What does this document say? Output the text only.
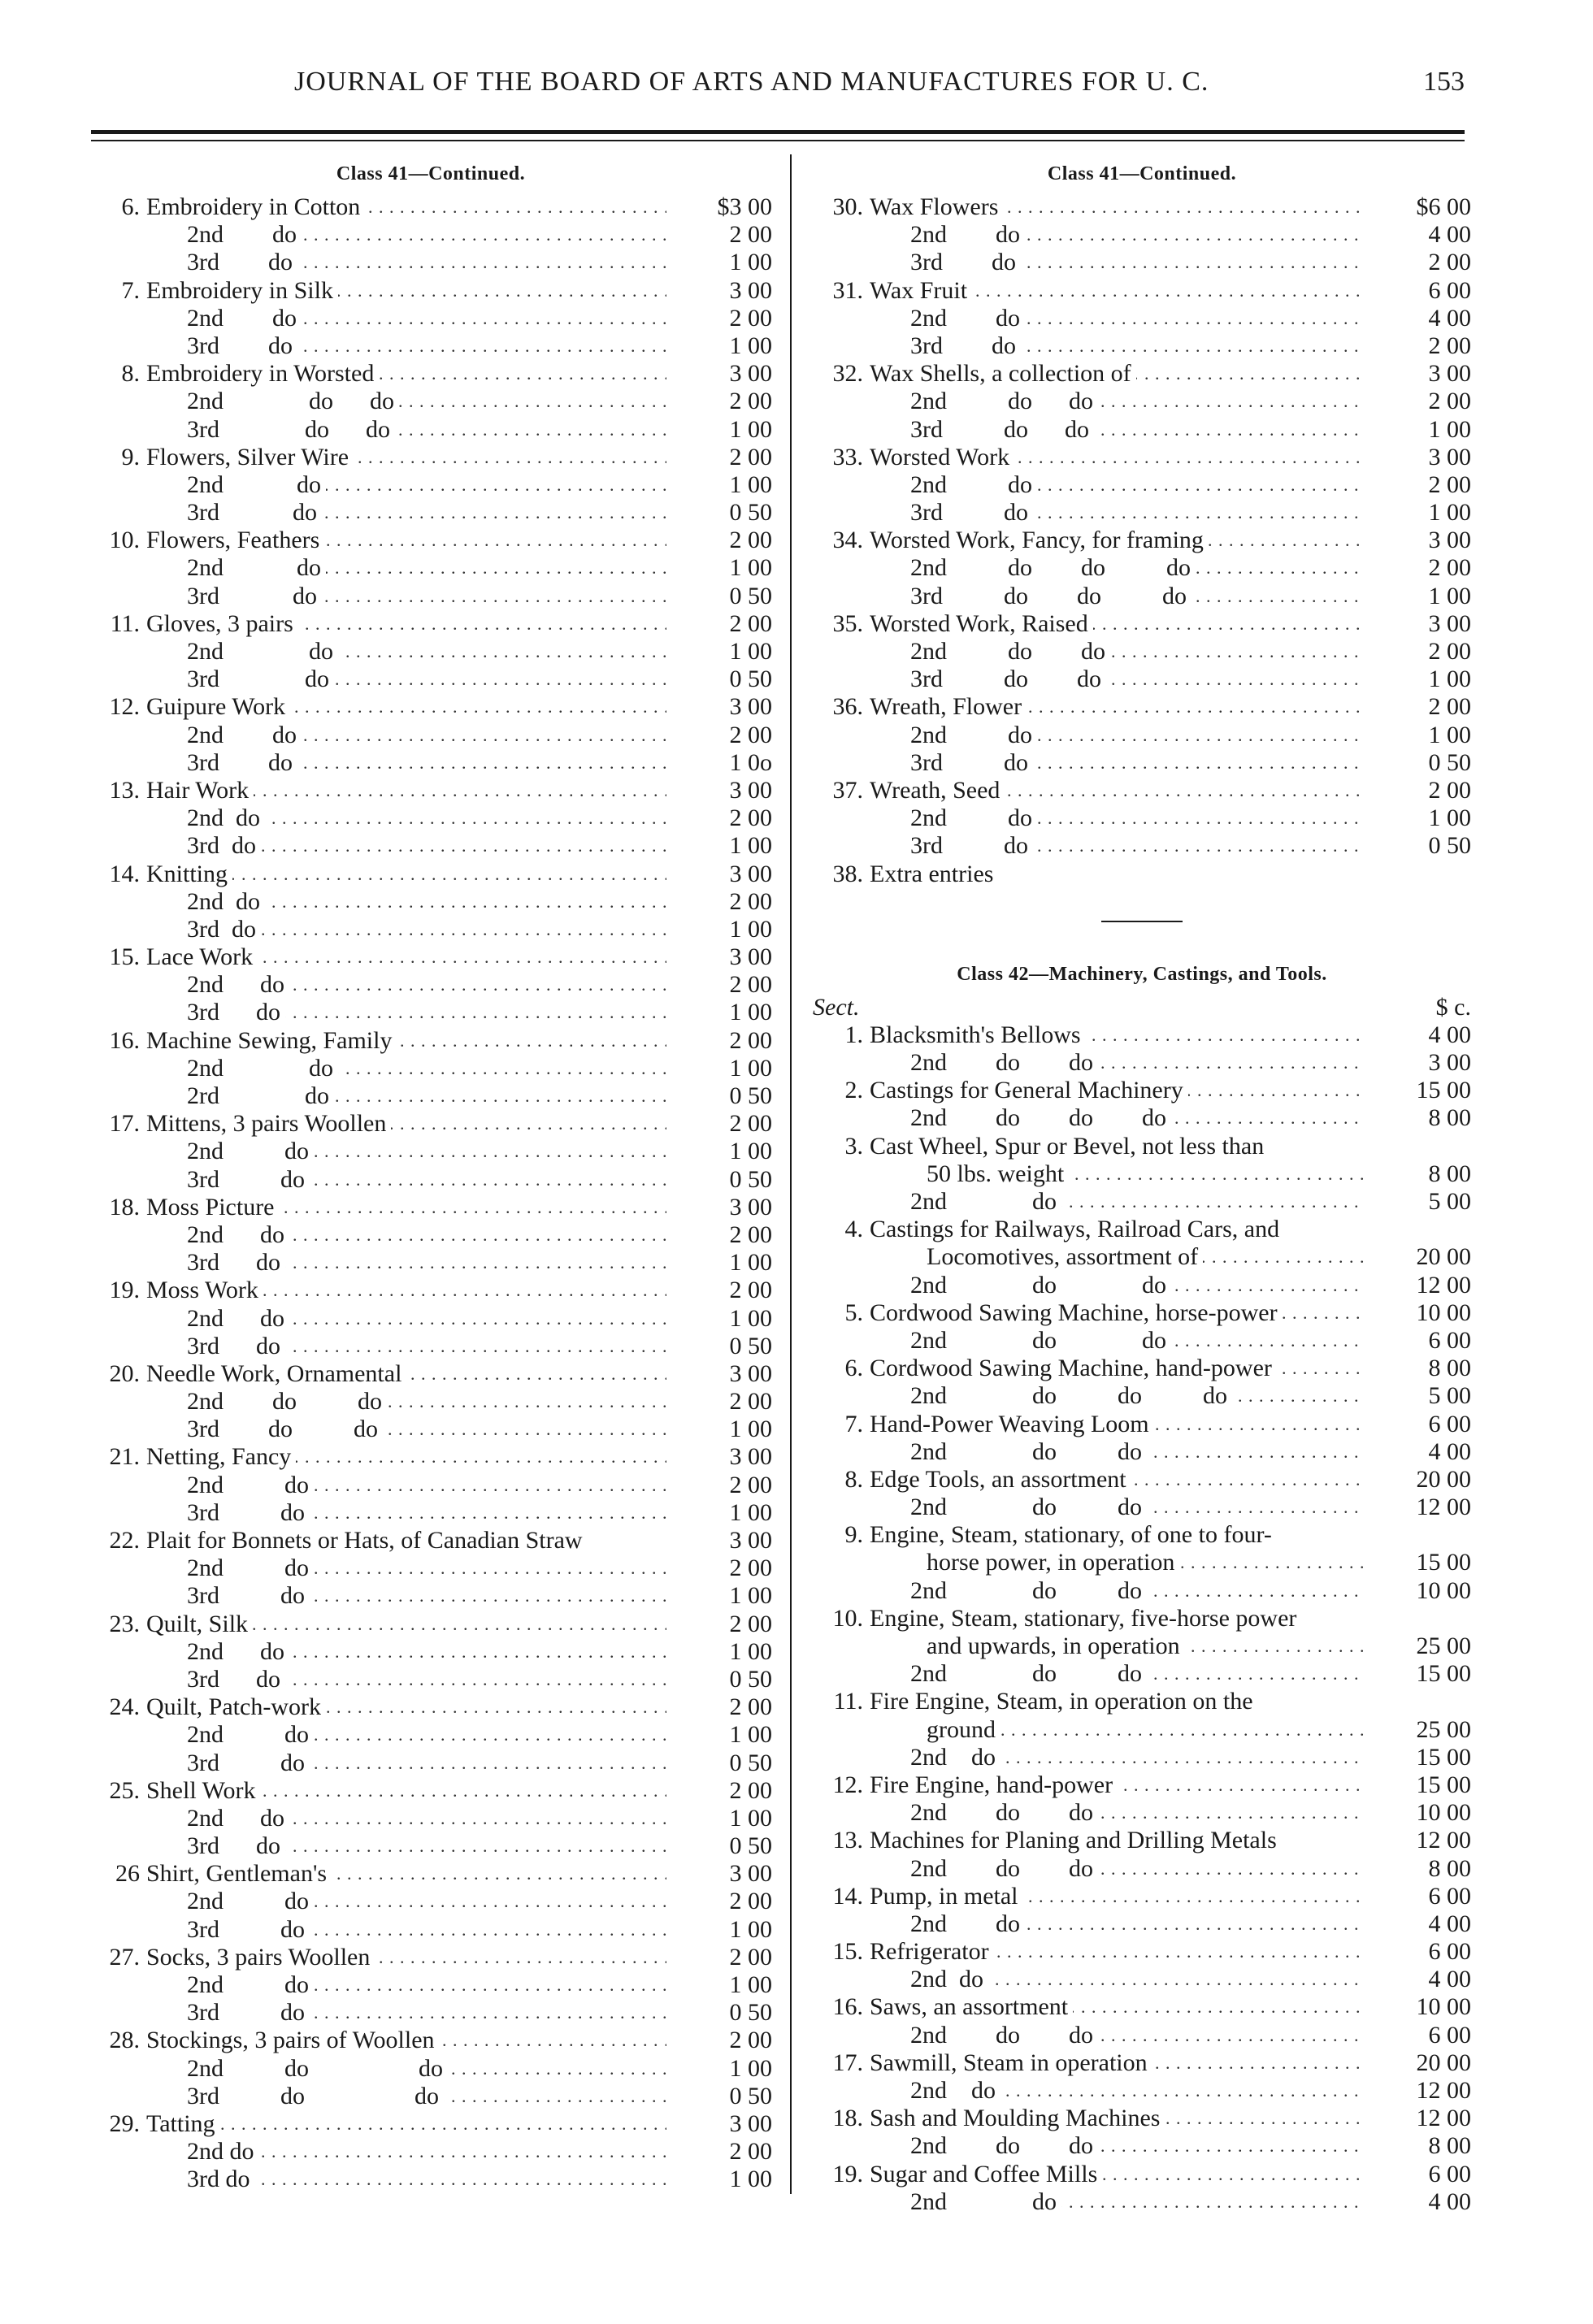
JOURNAL OF THE BOARD OF ARTS AND MANUFACTURES FOR U. C.	153
Class 41—Continued.
6. Embroidery in Cotton . . .	$3 00
2nd        do . . .	2 00
3rd        do . . .	1 00
7. Embroidery in Silk . . .	3 00
2nd        do . . .	2 00
3rd        do . . .	1 00
8. Embroidery in Worsted . . .	3 00
2nd              do      do . . .	2 00
3rd              do      do . . .	1 00
9. Flowers, Silver Wire . . .	2 00
2nd            do . . .	1 00
3rd            do . . .	0 50
10. Flowers, Feathers . . .	2 00
2nd            do . . .	1 00
3rd            do . . .	0 50
11. Gloves, 3 pairs . . .	2 00
2nd              do . . .	1 00
3rd              do . . .	0 50
12. Guipure Work . . .	3 00
2nd        do . . .	2 00
3rd        do . . .	1 0o
13. Hair Work . . .	3 00
2nd  do . . .	2 00
3rd  do . . .	1 00
14. Knitting . . .	3 00
2nd  do . . .	2 00
3rd  do . . .	1 00
15. Lace Work . . .	3 00
2nd      do . . .	2 00
3rd      do . . .	1 00
16. Machine Sewing, Family . . .	2 00
2nd              do . . .	1 00
2rd              do . . .	0 50
17. Mittens, 3 pairs Woollen . . .	2 00
2nd          do . . .	1 00
3rd          do . . .	0 50
18. Moss Picture . . .	3 00
2nd      do . . .	2 00
3rd      do . . .	1 00
19. Moss Work . . .	2 00
2nd      do . . .	1 00
3rd      do . . .	0 50
20. Needle Work, Ornamental . . .	3 00
2nd        do          do . . .	2 00
3rd        do          do . . .	1 00
21. Netting, Fancy . . .	3 00
2nd          do . . .	2 00
3rd          do . . .	1 00
22. Plait for Bonnets or Hats, of Canadian Straw	3 00
2nd          do . . .	2 00
3rd          do . . .	1 00
23. Quilt, Silk . . .	2 00
2nd      do . . .	1 00
3rd      do . . .	0 50
24. Quilt, Patch-work . . .	2 00
2nd          do . . .	1 00
3rd          do . . .	0 50
25. Shell Work . . .	2 00
2nd      do . . .	1 00
3rd      do . . .	0 50
26 Shirt, Gentleman's . . .	3 00
2nd          do . . .	2 00
3rd          do . . .	1 00
27. Socks, 3 pairs Woollen . . .	2 00
2nd          do . . .	1 00
3rd          do . . .	0 50
28. Stockings, 3 pairs of Woollen . . .	2 00
2nd          do                  do . . .	1 00
3rd          do                  do . . .	0 50
29. Tatting . . .	3 00
2nd do . . .	2 00
3rd do . . .	1 00
Class 41—Continued.
30. Wax Flowers . . .	$6 00
2nd        do . . .	4 00
3rd        do . . .	2 00
31. Wax Fruit . . .	6 00
2nd        do . . .	4 00
3rd        do . . .	2 00
32. Wax Shells, a collection of . . .	3 00
2nd          do      do . . .	2 00
3rd          do      do . . .	1 00
33. Worsted Work . . .	3 00
2nd          do . . .	2 00
3rd          do . . .	1 00
34. Worsted Work, Fancy, for framing . . .	3 00
2nd          do        do          do . . .	2 00
3rd          do        do          do . . .	1 00
35. Worsted Work, Raised . . .	3 00
2nd          do        do . . .	2 00
3rd          do        do . . .	1 00
36. Wreath, Flower . . .	2 00
2nd          do . . .	1 00
3rd          do . . .	0 50
37. Wreath, Seed . . .	2 00
2nd          do . . .	1 00
3rd          do . . .	0 50
38. Extra entries
Class 42—Machinery, Castings, and Tools.
Sect.	$ c.
1. Blacksmith's Bellows . . .	4 00
2nd        do        do . . .	3 00
2. Castings for General Machinery . . .	15 00
2nd        do        do        do . . .	8 00
3. Cast Wheel, Spur or Bevel, not less than
50 lbs. weight . . .	8 00
2nd              do . . .	5 00
4. Castings for Railways, Railroad Cars, and
Locomotives, assortment of . . .	20 00
2nd              do              do . . .	12 00
5. Cordwood Sawing Machine, horse-power . . .	10 00
2nd              do              do . . .	6 00
6. Cordwood Sawing Machine, hand-power . . .	8 00
2nd              do          do          do . . .	5 00
7. Hand-Power Weaving Loom . . .	6 00
2nd              do          do . . .	4 00
8. Edge Tools, an assortment . . .	20 00
2nd              do          do . . .	12 00
9. Engine, Steam, stationary, of one to four-
horse power, in operation . . .	15 00
2nd              do          do . . .	10 00
10. Engine, Steam, stationary, five-horse power
and upwards, in operation . . .	25 00
2nd              do          do . . .	15 00
11. Fire Engine, Steam, in operation on the
ground . . .	25 00
2nd    do . . .	15 00
12. Fire Engine, hand-power . . .	15 00
2nd        do        do . . .	10 00
13. Machines for Planing and Drilling Metals	12 00
2nd        do        do . . .	8 00
14. Pump, in metal . . .	6 00
2nd        do . . .	4 00
15. Refrigerator . . .	6 00
2nd  do . . .	4 00
16. Saws, an assortment . . .	10 00
2nd        do        do . . .	6 00
17. Sawmill, Steam in operation . . .	20 00
2nd    do . . .	12 00
18. Sash and Moulding Machines . . .	12 00
2nd        do        do . . .	8 00
19. Sugar and Coffee Mills . . .	6 00
2nd              do . . .	4 00
